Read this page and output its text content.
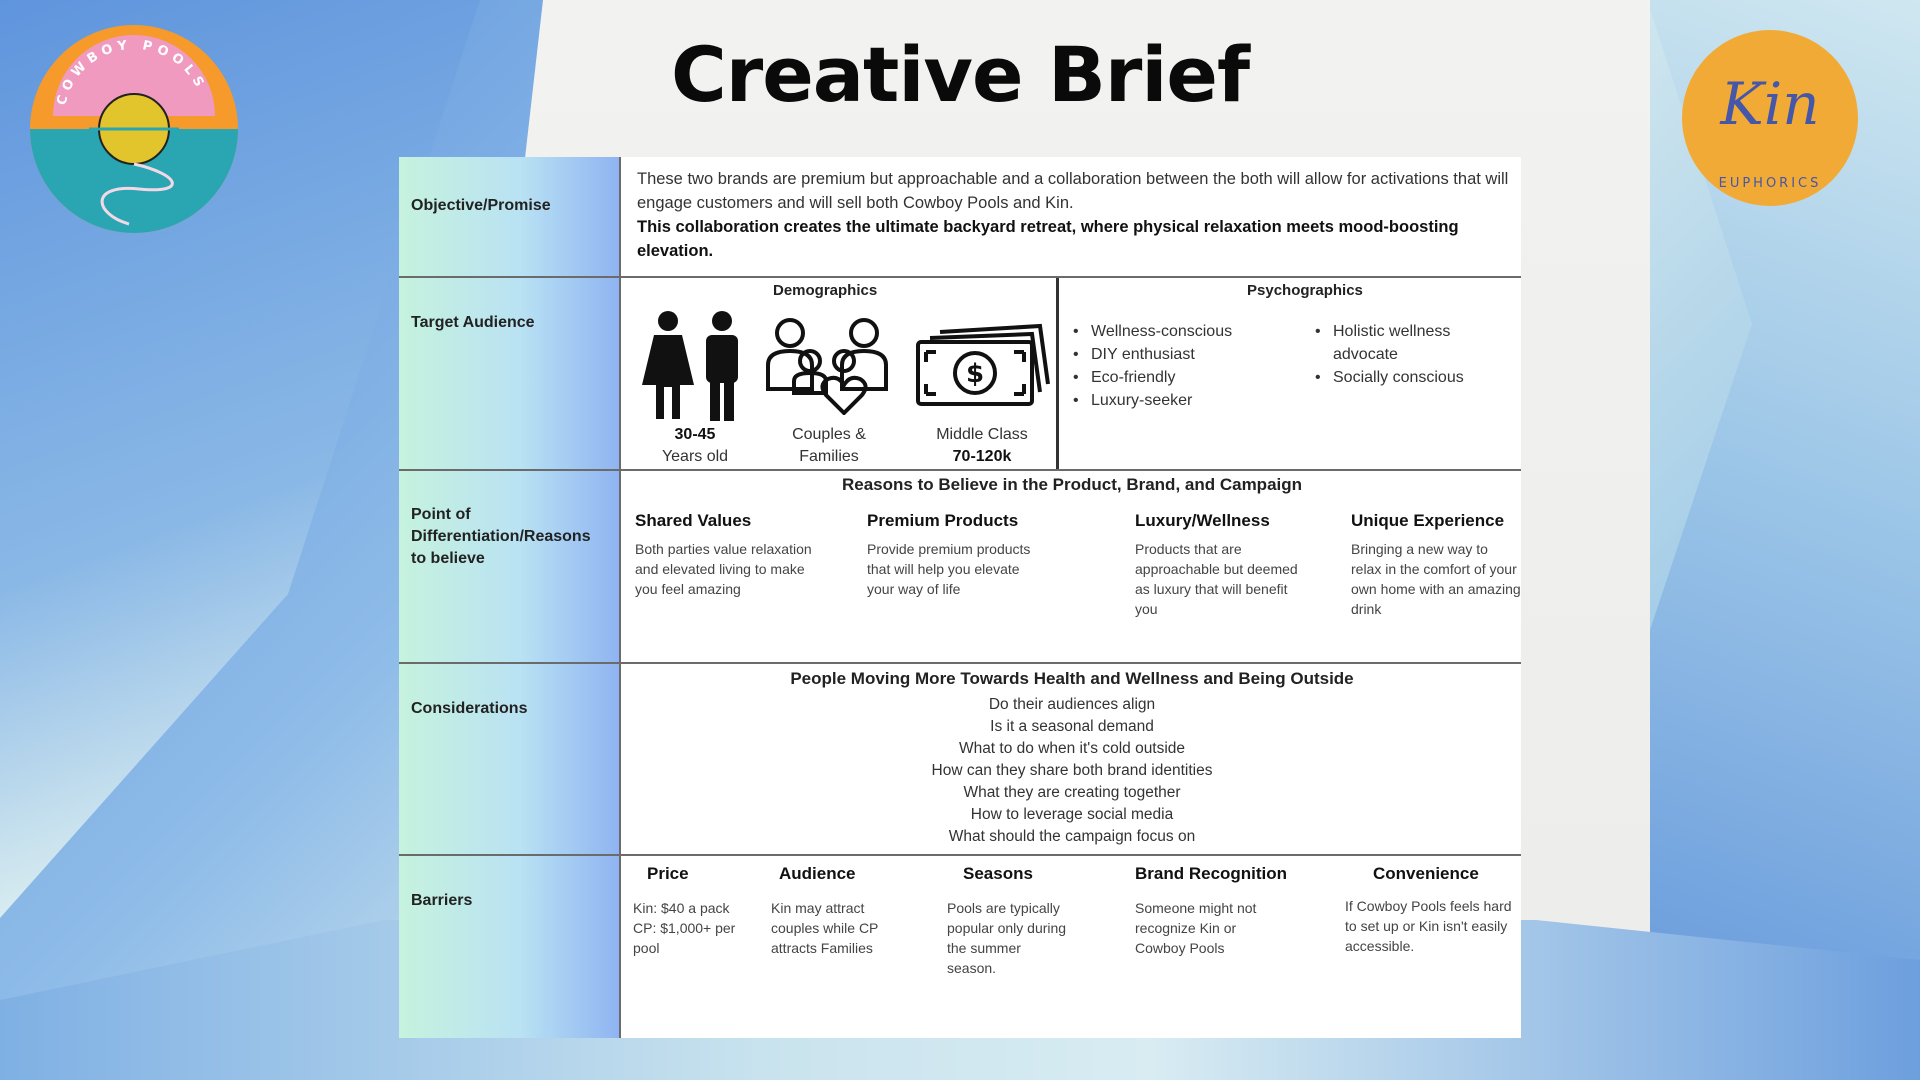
Creative Brief
COWBOY POOLS	Kin
EUPHORICS
Objective/Promise
These two brands are premium but approachable and a collaboration between the both will allow for activations that will engage customers and will sell both Cowboy Pools and Kin.
This collaboration creates the ultimate backyard retreat, where physical relaxation meets mood-boosting elevation.
Target Audience
Demographics	Psychographics
30-45
Years old
Couples &
Families
$
Middle Class
70-120k
• Wellness-conscious
• DIY enthusiast
• Eco-friendly
• Luxury-seeker
• Holistic wellness advocate
• Socially conscious
Point of Differentiation/Reasons to believe
Reasons to Believe in the Product, Brand, and Campaign
Shared Values
Both parties value relaxation and elevated living to make you feel amazing
Premium Products
Provide premium products that will help you elevate your way of life
Luxury/Wellness
Products that are approachable but deemed as luxury that will benefit you
Unique Experience
Bringing a new way to relax in the comfort of your own home with an amazing drink
Considerations
People Moving More Towards Health and Wellness and Being Outside
Do their audiences align
Is it a seasonal demand
What to do when it's cold outside
How can they share both brand identities
What they are creating together
How to leverage social media
What should the campaign focus on
Barriers
Price
Kin: $40 a pack CP: $1,000+ per pool
Audience
Kin may attract couples while CP attracts Families
Seasons
Pools are typically popular only during the summer season.
Brand Recognition
Someone might not recognize Kin or Cowboy Pools
Convenience
If Cowboy Pools feels hard to set up or Kin isn't easily accessible.
